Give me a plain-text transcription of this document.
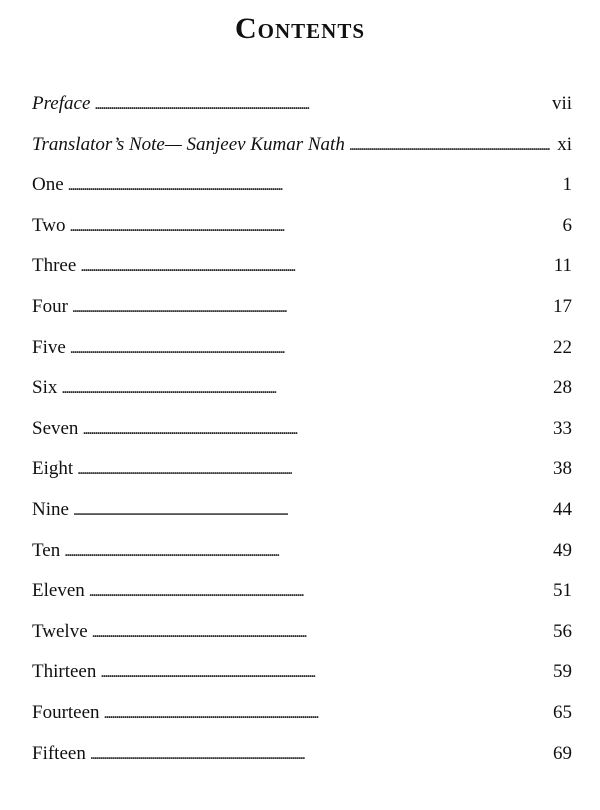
Contents
Preface . . .	vii
Translator’s Note— Sanjeev Kumar Nath . . .	xi
One . . .	1
Two . . .	6
Three . . .	11
Four . . .	17
Five . . .	22
Six . . .	28
Seven . . .	33
Eight . . .	38
Nine . . .	44
Ten . . .	49
Eleven . . .	51
Twelve . . .	56
Thirteen . . .	59
Fourteen . . .	65
Fifteen . . .	69
